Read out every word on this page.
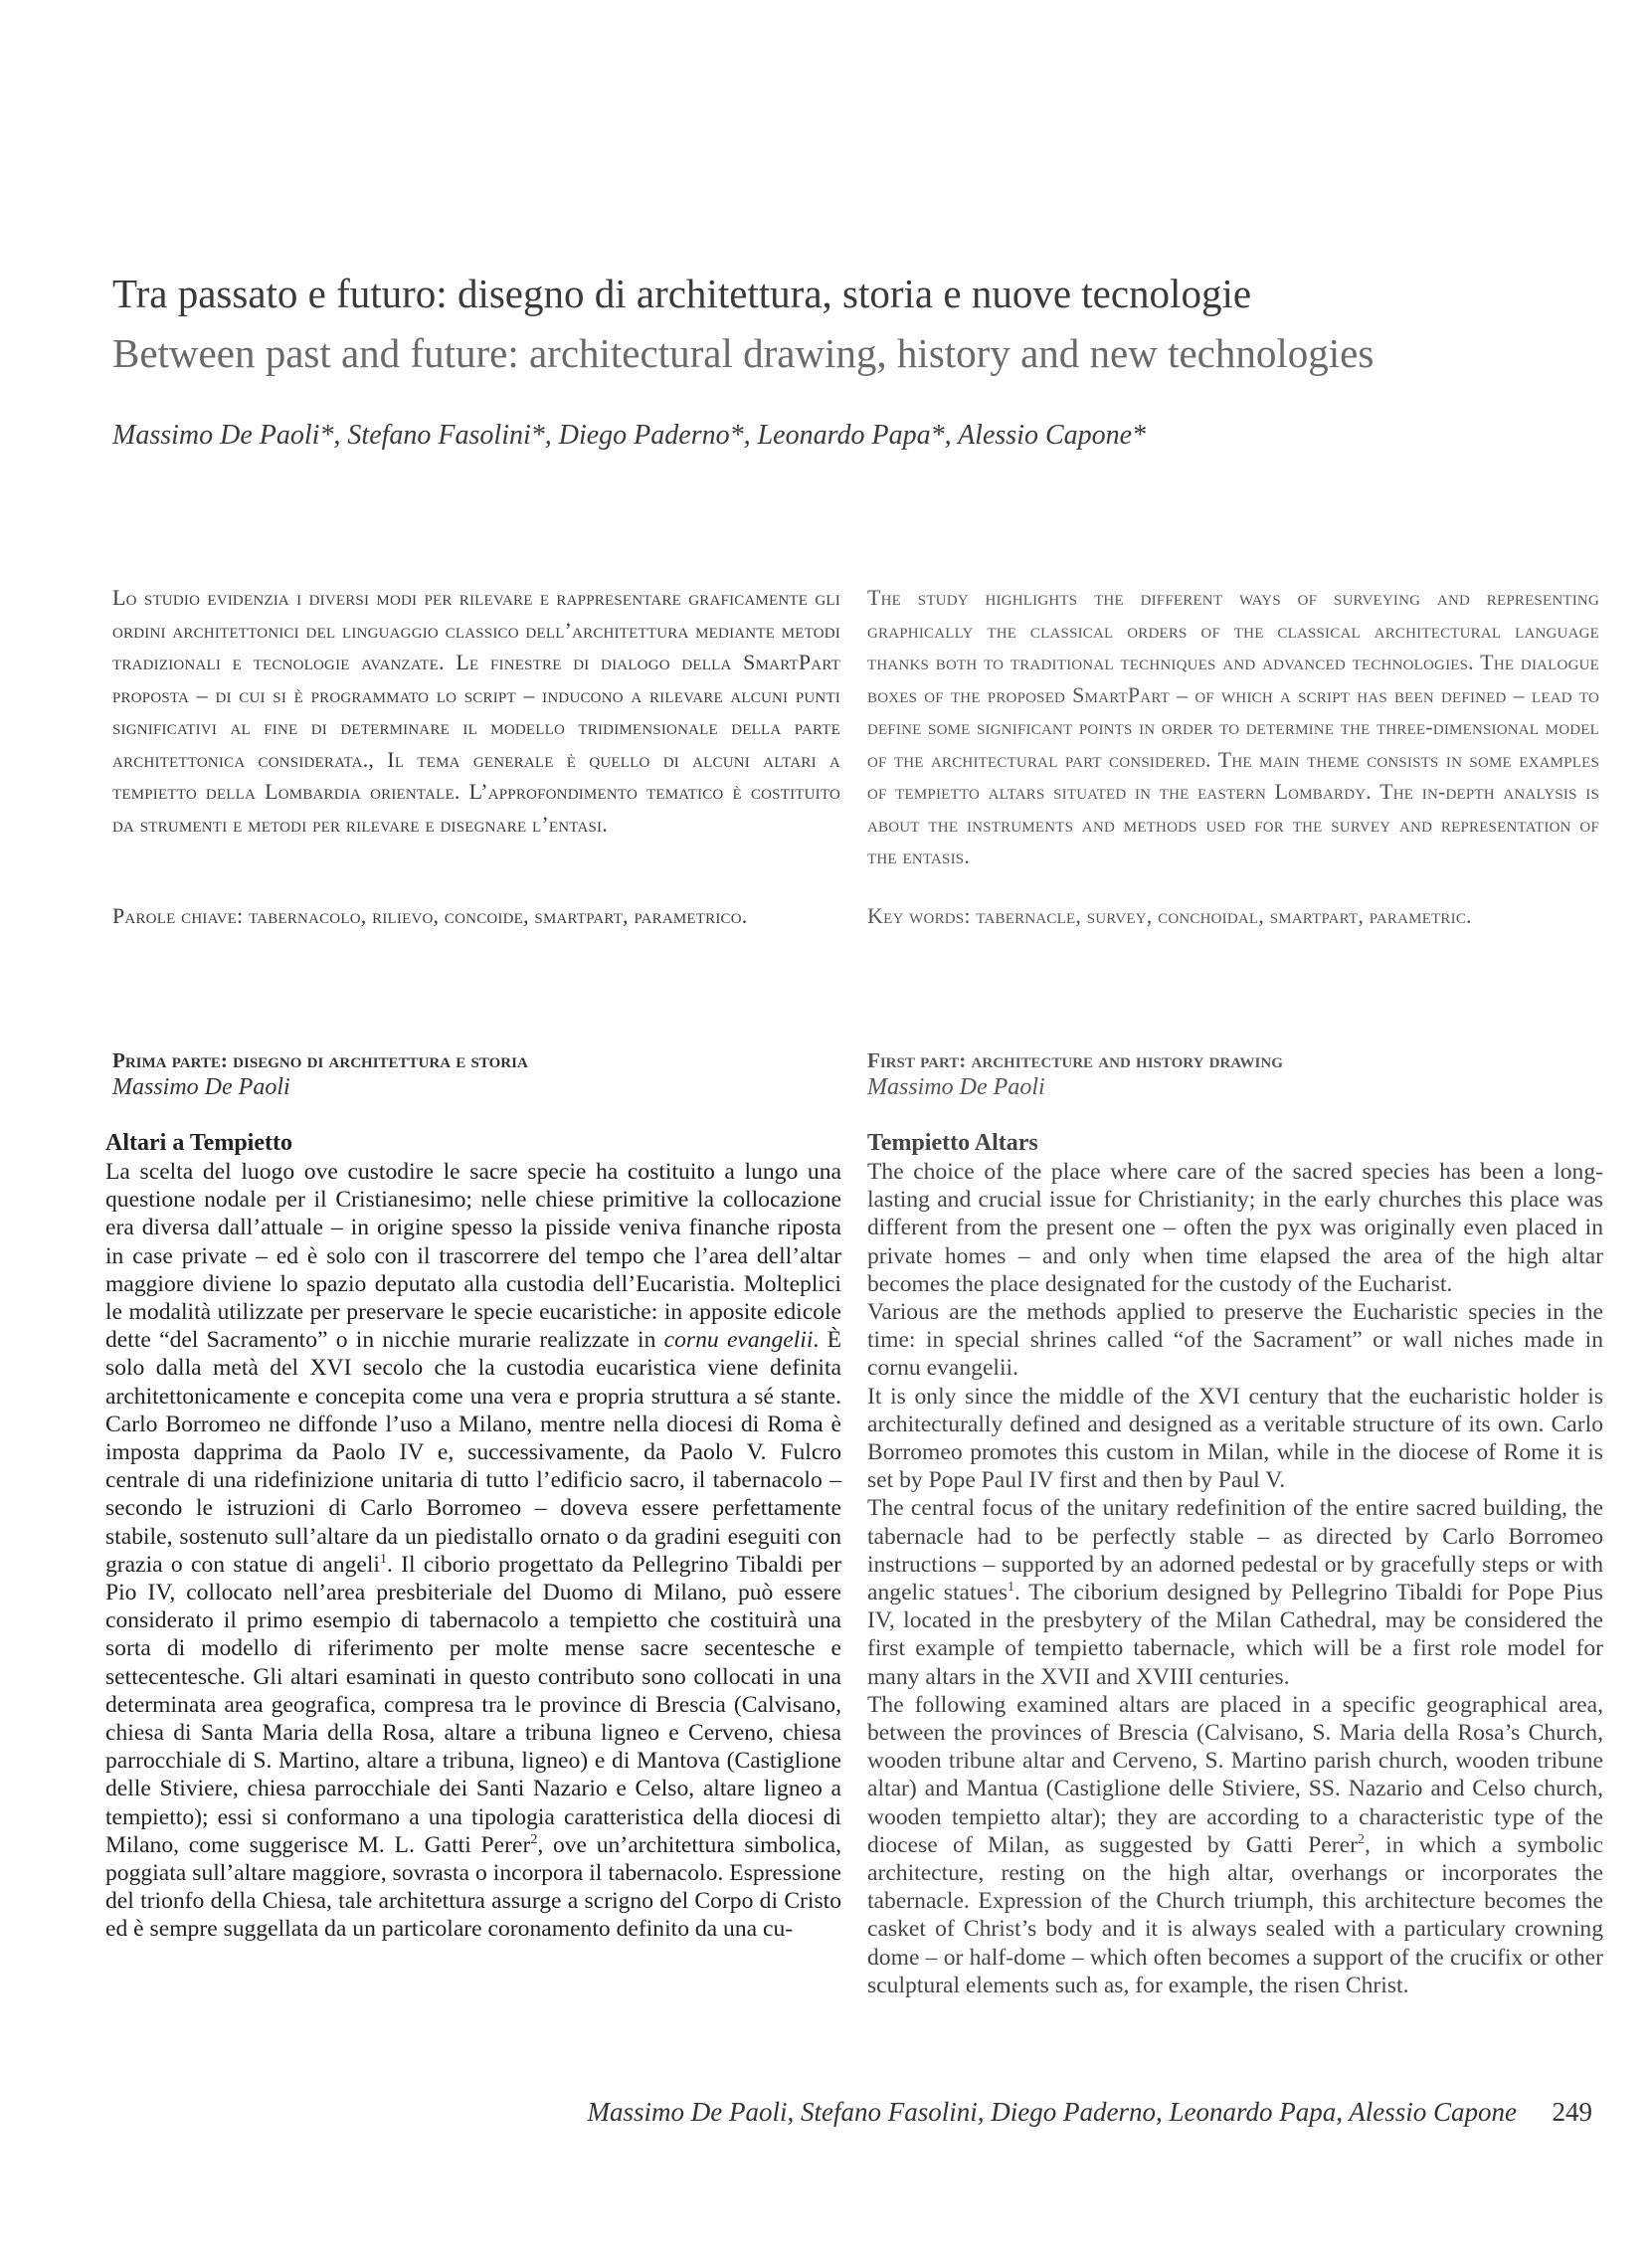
Tra passato e futuro: disegno di architettura, storia e nuove tecnologie
Between past and future: architectural drawing, history and new technologies
Massimo De Paoli*, Stefano Fasolini*, Diego Paderno*, Leonardo Papa*, Alessio Capone*
Lo studio evidenzia i diversi modi per rilevare e rappresentare graficamente gli ordini architettonici del linguaggio classico dell’architettura mediante metodi tradizionali e tecnologie avanzate. Le finestre di dialogo della SmartPart proposta – di cui si è programmato lo script – inducono a rilevare alcuni punti significativi al fine di determinare il modello tridimensionale della parte architettonica considerata., Il tema generale è quello di alcuni altari a tempietto della Lombardia orientale. L’approfondimento tematico è costituito da strumenti e metodi per rilevare e disegnare l’entasi.
The study highlights the different ways of surveying and representing graphically the classical orders of the classical architectural language thanks both to traditional techniques and advanced technologies. The dialogue boxes of the proposed SmartPart – of which a script has been defined – lead to define some significant points in order to determine the three-dimensional model of the architectural part considered. The main theme consists in some examples of tempietto altars situated in the eastern Lombardy. The in-depth analysis is about the instruments and methods used for the survey and representation of the entasis.
Parole chiave: tabernacolo, rilievo, concoide, smartpart, parametrico.	Key words: tabernacle, survey, conchoidal, smartpart, parametric.
Prima parte: disegno di architettura e storia
Massimo De Paoli
First part: architecture and history drawing
Massimo De Paoli
Altari a Tempietto

La scelta del luogo ove custodire le sacre specie ha costituito a lungo una questione nodale per il Cristianesimo; nelle chiese primitive la collocazione era diversa dall’attuale – in origine spesso la pisside veniva finanche riposta in case private – ed è solo con il trascorrere del tempo che l’area dell’altar maggiore diviene lo spazio deputato alla custodia dell’Eucaristia. Molteplici le modalità utilizzate per preservare le specie eucaristiche: in apposite edicole dette “del Sacramento” o in nicchie murarie realizzate in cornu evangelii. È solo dalla metà del XVI secolo che la custodia eucaristica viene definita architettonicamente e concepita come una vera e propria struttura a sé stante. Carlo Borromeo ne diffonde l’uso a Milano, mentre nella diocesi di Roma è imposta dapprima da Paolo IV e, successivamente, da Paolo V. Fulcro centrale di una ridefinizione unitaria di tutto l’edificio sacro, il tabernacolo – secondo le istruzioni di Carlo Borromeo – doveva essere perfettamente stabile, sostenuto sull’altare da un piedistallo ornato o da gradini eseguiti con grazia o con statue di angeli$^1$. Il ciborio progettato da Pellegrino Tibaldi per Pio IV, collocato nell’area presbiteriale del Duomo di Milano, può essere considerato il primo esempio di tabernacolo a tempietto che costituirà una sorta di modello di riferimento per molte mense sacre secentesche e settecentesche. Gli altari esaminati in questo contributo sono collocati in una determinata area geografica, compresa tra le province di Brescia (Calvisano, chiesa di Santa Maria della Rosa, altare a tribuna ligneo e Cerveno, chiesa parrocchiale di S. Martino, altare a tribuna, ligneo) e di Mantova (Castiglione delle Stiviere, chiesa parrocchiale dei Santi Nazario e Celso, altare ligneo a tempietto); essi si conformano a una tipologia caratteristica della diocesi di Milano, come suggerisce M. L. Gatti Perer$^2$, ove un’architettura simbolica, poggiata sull’altare maggiore, sovrasta o incorpora il tabernacolo. Espressione del trionfo della Chiesa, tale architettura assurge a scrigno del Corpo di Cristo ed è sempre suggellata da un particolare coronamento definito da una cu-

Tempietto Altars

The choice of the place where care of the sacred species has been a long-lasting and crucial issue for Christianity; in the early churches this place was different from the present one – often the pyx was originally even placed in private homes – and only when time elapsed the area of the high altar becomes the place designated for the custody of the Eucharist.

Various are the methods applied to preserve the Eucharistic species in the time: in special shrines called “of the Sacrament” or wall niches made in cornu evangelii.

It is only since the middle of the XVI century that the eucharistic holder is architecturally defined and designed as a veritable structure of its own. Carlo Borromeo promotes this custom in Milan, while in the diocese of Rome it is set by Pope Paul IV first and then by Paul V.

The central focus of the unitary redefinition of the entire sacred building, the tabernacle had to be perfectly stable – as directed by Carlo Borromeo instructions – supported by an adorned pedestal or by gracefully steps or with angelic statues$^1$. The ciborium designed by Pellegrino Tibaldi for Pope Pius IV, located in the presbytery of the Milan Cathedral, may be considered the first example of tempietto tabernacle, which will be a first role model for many altars in the XVII and XVIII centuries.

The following examined altars are placed in a specific geographical area, between the provinces of Brescia (Calvisano, S. Maria della Rosa’s Church, wooden tribune altar and Cerveno, S. Martino parish church, wooden tribune altar) and Mantua (Castiglione delle Stiviere, SS. Nazario and Celso church, wooden tempietto altar); they are according to a characteristic type of the diocese of Milan, as suggested by Gatti Perer$^2$, in which a symbolic architecture, resting on the high altar, overhangs or incorporates the tabernacle. Expression of the Church triumph, this architecture becomes the casket of Christ’s body and it is always sealed with a particulary crowning dome – or half-dome – which often becomes a support of the crucifix or other sculptural elements such as, for example, the risen Christ.

Massimo De Paoli, Stefano Fasolini, Diego Paderno, Leonardo Papa, Alessio Capone 249
